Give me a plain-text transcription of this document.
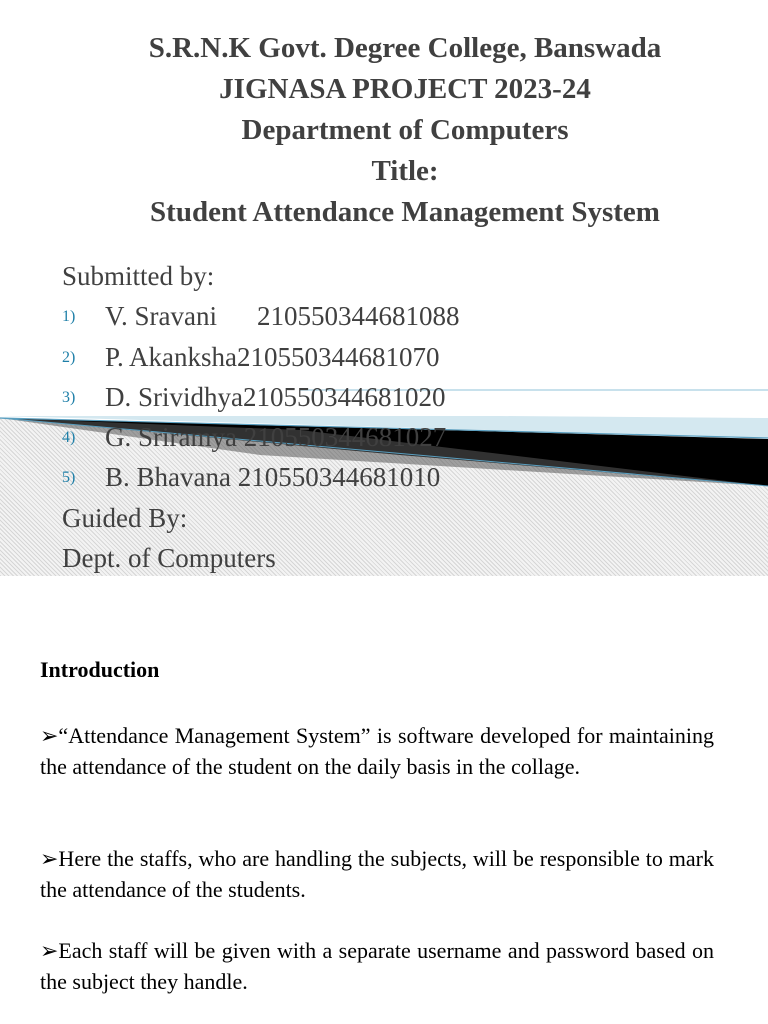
S.R.N.K Govt. Degree College, Banswada
JIGNASA PROJECT 2023-24
Department of Computers
Title:
Student Attendance Management System
Submitted by:
1) V. Sravani 210550344681088
2) P. Akanksha210550344681070
3) D. Srividhya210550344681020
4) G. Sriramya 210550344681027
5) B. Bhavana 210550344681010
Guided By:
Dept. of Computers
Introduction
➢“Attendance Management System” is software developed for maintaining the attendance of the student on the daily basis in the collage.
➢Here the staffs, who are handling the subjects, will be responsible to mark the attendance of the students.
➢Each staff will be given with a separate username and password based on the subject they handle.
